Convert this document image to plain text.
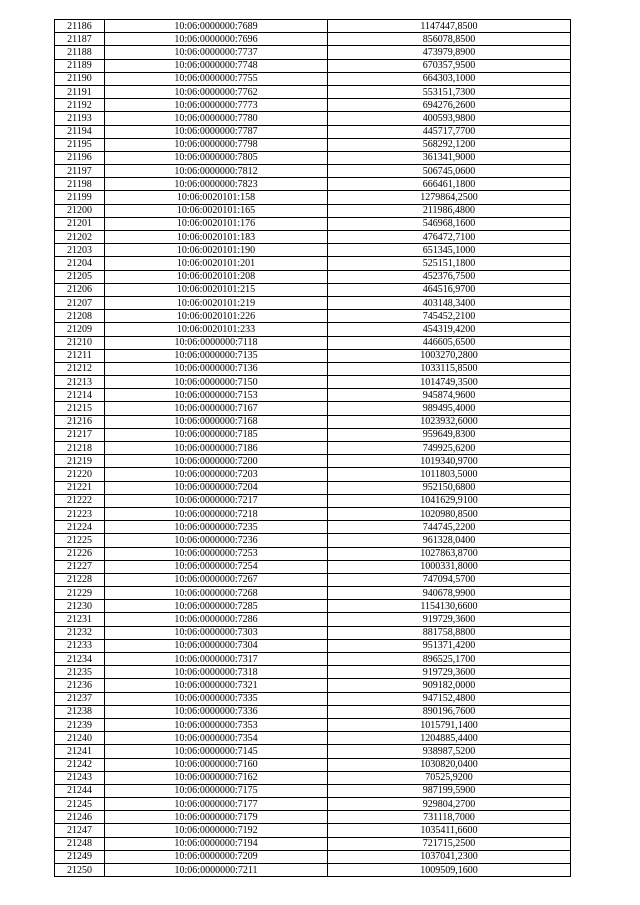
21186	10:06:0000000:7689	1147447,8500
21187	10:06:0000000:7696	856078,8500
21188	10:06:0000000:7737	473979,8900
21189	10:06:0000000:7748	670357,9500
21190	10:06:0000000:7755	664303,1000
21191	10:06:0000000:7762	553151,7300
21192	10:06:0000000:7773	694276,2600
21193	10:06:0000000:7780	400593,9800
21194	10:06:0000000:7787	445717,7700
21195	10:06:0000000:7798	568292,1200
21196	10:06:0000000:7805	361341,9000
21197	10:06:0000000:7812	506745,0600
21198	10:06:0000000:7823	666461,1800
21199	10:06:0020101:158	1279864,2500
21200	10:06:0020101:165	211986,4800
21201	10:06:0020101:176	546968,1600
21202	10:06:0020101:183	476472,7100
21203	10:06:0020101:190	651345,1000
21204	10:06:0020101:201	525151,1800
21205	10:06:0020101:208	452376,7500
21206	10:06:0020101:215	464516,9700
21207	10:06:0020101:219	403148,3400
21208	10:06:0020101:226	745452,2100
21209	10:06:0020101:233	454319,4200
21210	10:06:0000000:7118	446605,6500
21211	10:06:0000000:7135	1003270,2800
21212	10:06:0000000:7136	1033115,8500
21213	10:06:0000000:7150	1014749,3500
21214	10:06:0000000:7153	945874,9600
21215	10:06:0000000:7167	989495,4000
21216	10:06:0000000:7168	1023932,6000
21217	10:06:0000000:7185	959649,8300
21218	10:06:0000000:7186	749925,6200
21219	10:06:0000000:7200	1019340,9700
21220	10:06:0000000:7203	1011803,5000
21221	10:06:0000000:7204	952150,6800
21222	10:06:0000000:7217	1041629,9100
21223	10:06:0000000:7218	1020980,8500
21224	10:06:0000000:7235	744745,2200
21225	10:06:0000000:7236	961328,0400
21226	10:06:0000000:7253	1027863,8700
21227	10:06:0000000:7254	1000331,8000
21228	10:06:0000000:7267	747094,5700
21229	10:06:0000000:7268	940678,9900
21230	10:06:0000000:7285	1154130,6600
21231	10:06:0000000:7286	919729,3600
21232	10:06:0000000:7303	881758,8800
21233	10:06:0000000:7304	951371,4200
21234	10:06:0000000:7317	896525,1700
21235	10:06:0000000:7318	919729,3600
21236	10:06:0000000:7321	909182,0000
21237	10:06:0000000:7335	947152,4800
21238	10:06:0000000:7336	890196,7600
21239	10:06:0000000:7353	1015791,1400
21240	10:06:0000000:7354	1204885,4400
21241	10:06:0000000:7145	938987,5200
21242	10:06:0000000:7160	1030820,0400
21243	10:06:0000000:7162	70525,9200
21244	10:06:0000000:7175	987199,5900
21245	10:06:0000000:7177	929804,2700
21246	10:06:0000000:7179	731118,7000
21247	10:06:0000000:7192	1035411,6600
21248	10:06:0000000:7194	721715,2500
21249	10:06:0000000:7209	1037041,2300
21250	10:06:0000000:7211	1009509,1600
